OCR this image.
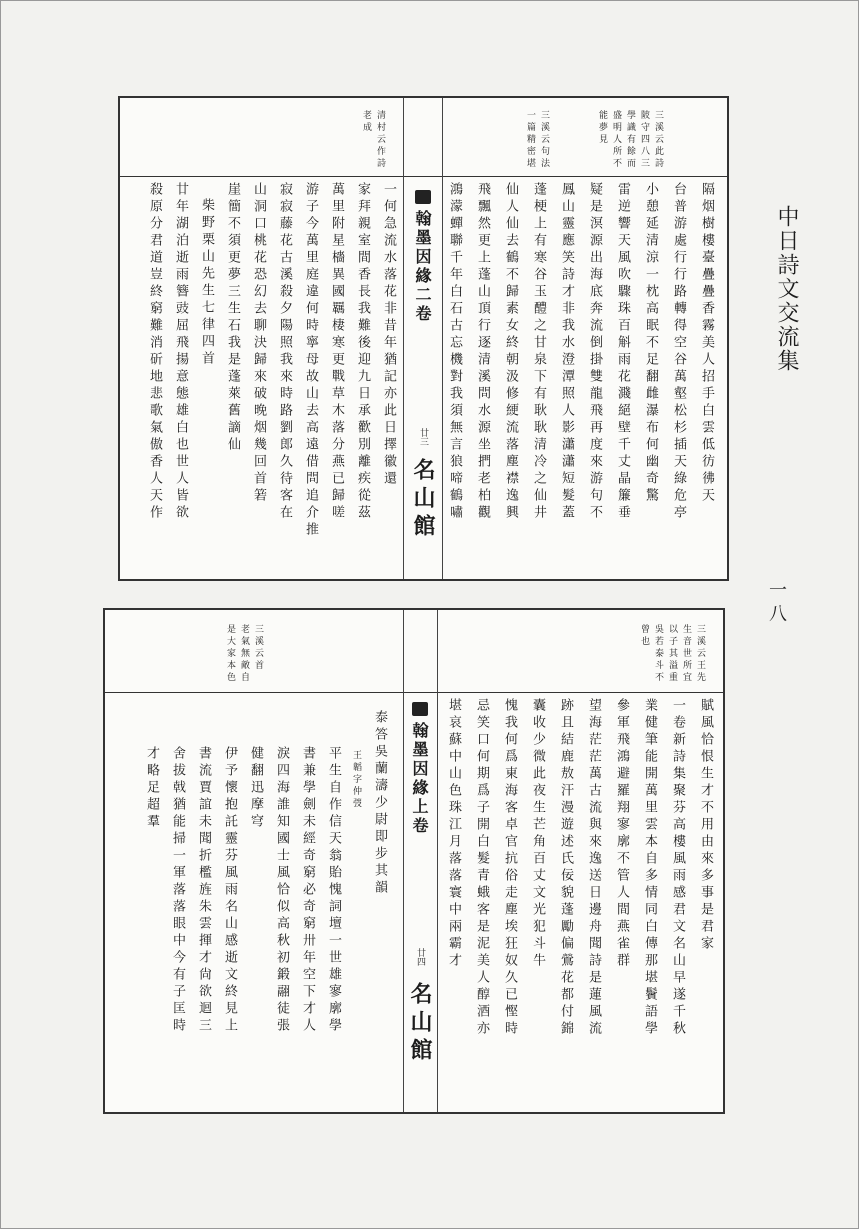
中日詩文交流集
一八
三溪云此詩
陂守四八三
學識有餘而
盛明人所不
能夢見
三溪云句法
一篇精密堪
隔烟樹樓臺疊疊香霧美人招手白雲低彷彿天
台普游處行行路轉得空谷萬壑松杉插天綠危亭
小憩延清涼一枕高眠不足翻雌瀑布何幽奇驚
雷逆響天風吹驟珠百斛雨花濺絕壁千丈晶簾垂
疑是溟源出海底奔流倒掛雙龍飛再度來游句不
鳳山靈應笑詩才非我水澄潭照人影瀟瀟短髮蓋
蓬梗上有寒谷玉醴之甘泉下有耿耿清冷之仙井
仙人仙去鶴不歸素女終朝汲修綆流落塵襟逸興
飛飄然更上蓬山頂行逐清溪問水源坐捫老柏觀
鴻濛蟬聯千年白石古忘機對我須無言狼啼鶴嘯
翰墨因緣二卷
廿三
名山館
清村云作詩
老成
一何急流水落花非昔年猶記亦此日擇徽還
家拜親室間香長我難後迎九日承歡別離疾從茲
萬里附星檣異國羈棲寒更戰草木落分燕已歸嗟
游子今萬里庭違何時寧母故山去高遠借問追介推
寂寂藤花古溪殺夕陽照我來時路劉郎久待客在
山洞口桃花恐幻去聊決歸來破晚烟幾回首箬
崖簡不須更夢三生石我是蓬萊舊謫仙
柴野栗山先生七律四首
廿年湖泊逝雨簪豉屈飛揚意態雄白也世人皆欲
殺原分君道豈終窮難消斫地悲歌氣傲香人天作
三溪云王先
生音世所宜
以子其溢重
吳若泰斗不
曾也
賦風恰恨生才不用由來多事是君家
一卷新詩集聚芬高樓風雨感君文名山早遂千秋
業健筆能開萬里雲本自多情同白傳那堪鬢語學
參軍飛鴻避羅翔寥廓不管人間燕雀群
望海茫茫萬古流與來逸送日邊舟聞詩是蓮風流
跡且結鹿敖汗漫遊述氏佞貌蓬勵偏鶯花都付錦
囊收少微此夜生芒角百丈文光犯斗牛
愧我何爲東海客卓官抗俗走塵埃狂奴久已慳時
忌笑口何期爲子開白髮青蛾客是泥美人醇酒亦
堪哀蘇中山色珠江月落落寰中兩霸才
翰墨因緣上卷
廿四
名山館
三溪云首
老氣無敵自
是大家本色
泰答吳蘭濤少尉即步其韻
王韜字仲弢
平生自作信天翁貽愧詞壇一世雄寥廓學
書兼學劍未經奇窮必奇窮卅年空下才人
淚四海誰知國士風恰似高秋初鍛翮徒張
健翻迅摩穹
伊予懷抱託靈芬風雨名山感逝文終見上
書流賈誼未聞折檻旌朱雲揮才尙欲迴三
舍拔戟猶能掃一軍落落眼中今有子匡時
才略足超羣
